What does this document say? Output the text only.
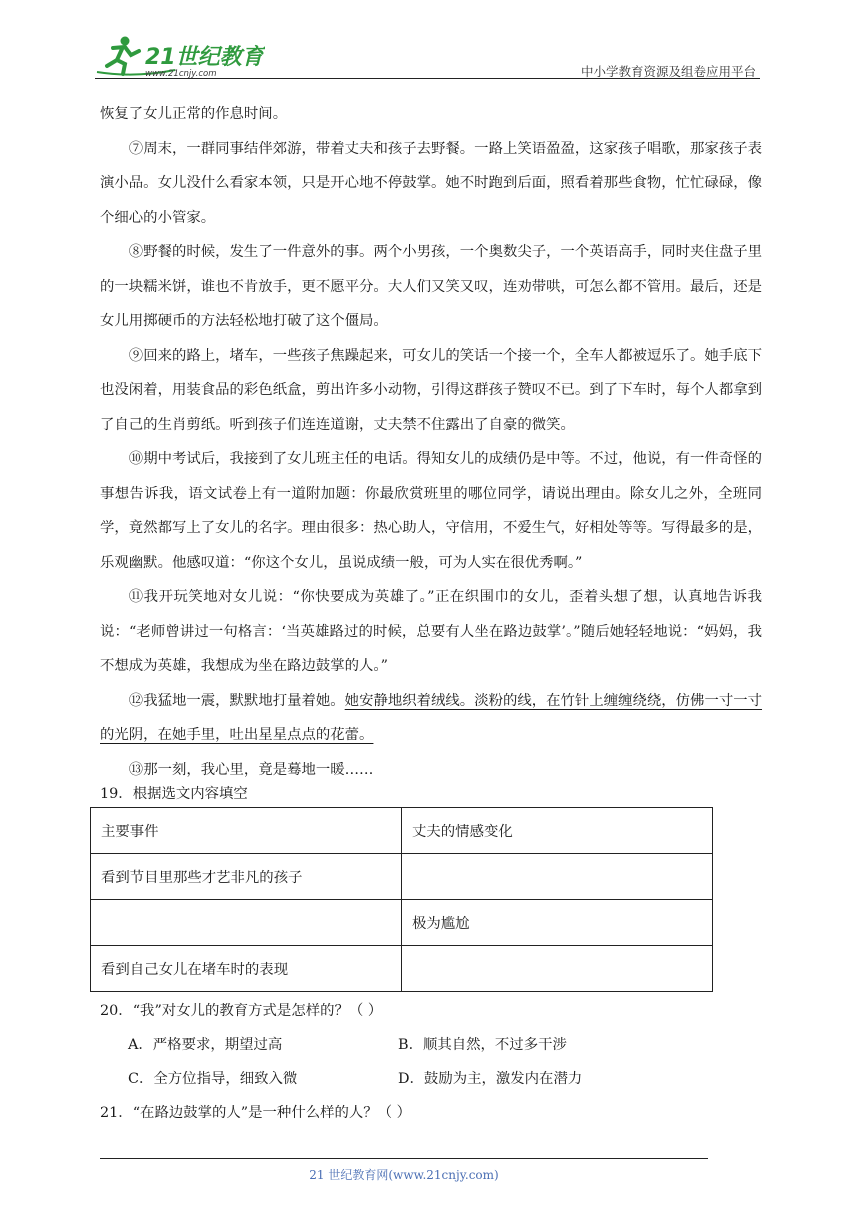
21世纪教育
www.21cnjy.com	中小学教育资源及组卷应用平台

恢复了女儿正常的作息时间。

⑦周末，一群同事结伴郊游，带着丈夫和孩子去野餐。一路上笑语盈盈，这家孩子唱歌，那家孩子表演小品。女儿没什么看家本领，只是开心地不停鼓掌。她不时跑到后面，照看着那些食物，忙忙碌碌，像个细心的小管家。

⑧野餐的时候，发生了一件意外的事。两个小男孩，一个奥数尖子，一个英语高手，同时夹住盘子里的一块糯米饼，谁也不肯放手，更不愿平分。大人们又笑又叹，连劝带哄，可怎么都不管用。最后，还是女儿用掷硬币的方法轻松地打破了这个僵局。

⑨回来的路上，堵车，一些孩子焦躁起来，可女儿的笑话一个接一个，全车人都被逗乐了。她手底下也没闲着，用装食品的彩色纸盒，剪出许多小动物，引得这群孩子赞叹不已。到了下车时，每个人都拿到了自己的生肖剪纸。听到孩子们连连道谢，丈夫禁不住露出了自豪的微笑。

⑩期中考试后，我接到了女儿班主任的电话。得知女儿的成绩仍是中等。不过，他说，有一件奇怪的事想告诉我，语文试卷上有一道附加题：你最欣赏班里的哪位同学，请说出理由。除女儿之外，全班同学，竟然都写上了女儿的名字。理由很多：热心助人，守信用，不爱生气，好相处等等。写得最多的是，乐观幽默。他感叹道：“你这个女儿，虽说成绩一般，可为人实在很优秀啊。”

⑪我开玩笑地对女儿说：“你快要成为英雄了。”正在织围巾的女儿，歪着头想了想，认真地告诉我说：“老师曾讲过一句格言：‘当英雄路过的时候，总要有人坐在路边鼓掌’。”随后她轻轻地说：“妈妈，我不想成为英雄，我想成为坐在路边鼓掌的人。”

⑫我猛地一震，默默地打量着她。她安静地织着绒线。淡粉的线，在竹针上缠缠绕绕，仿佛一寸一寸的光阴，在她手里，吐出星星点点的花蕾。

⑬那一刻，我心里，竟是蓦地一暖……

19．根据选文内容填空
主要事件	丈夫的情感变化
看到节目里那些才艺非凡的孩子	
	极为尴尬
看到自己女儿在堵车时的表现	
20．“我”对女儿的教育方式是怎样的？（ ）
A．严格要求，期望过高	B．顺其自然，不过多干涉
C．全方位指导，细致入微	D．鼓励为主，激发内在潜力
21．“在路边鼓掌的人”是一种什么样的人？（ ）
21 世纪教育网(www.21cnjy.com)
